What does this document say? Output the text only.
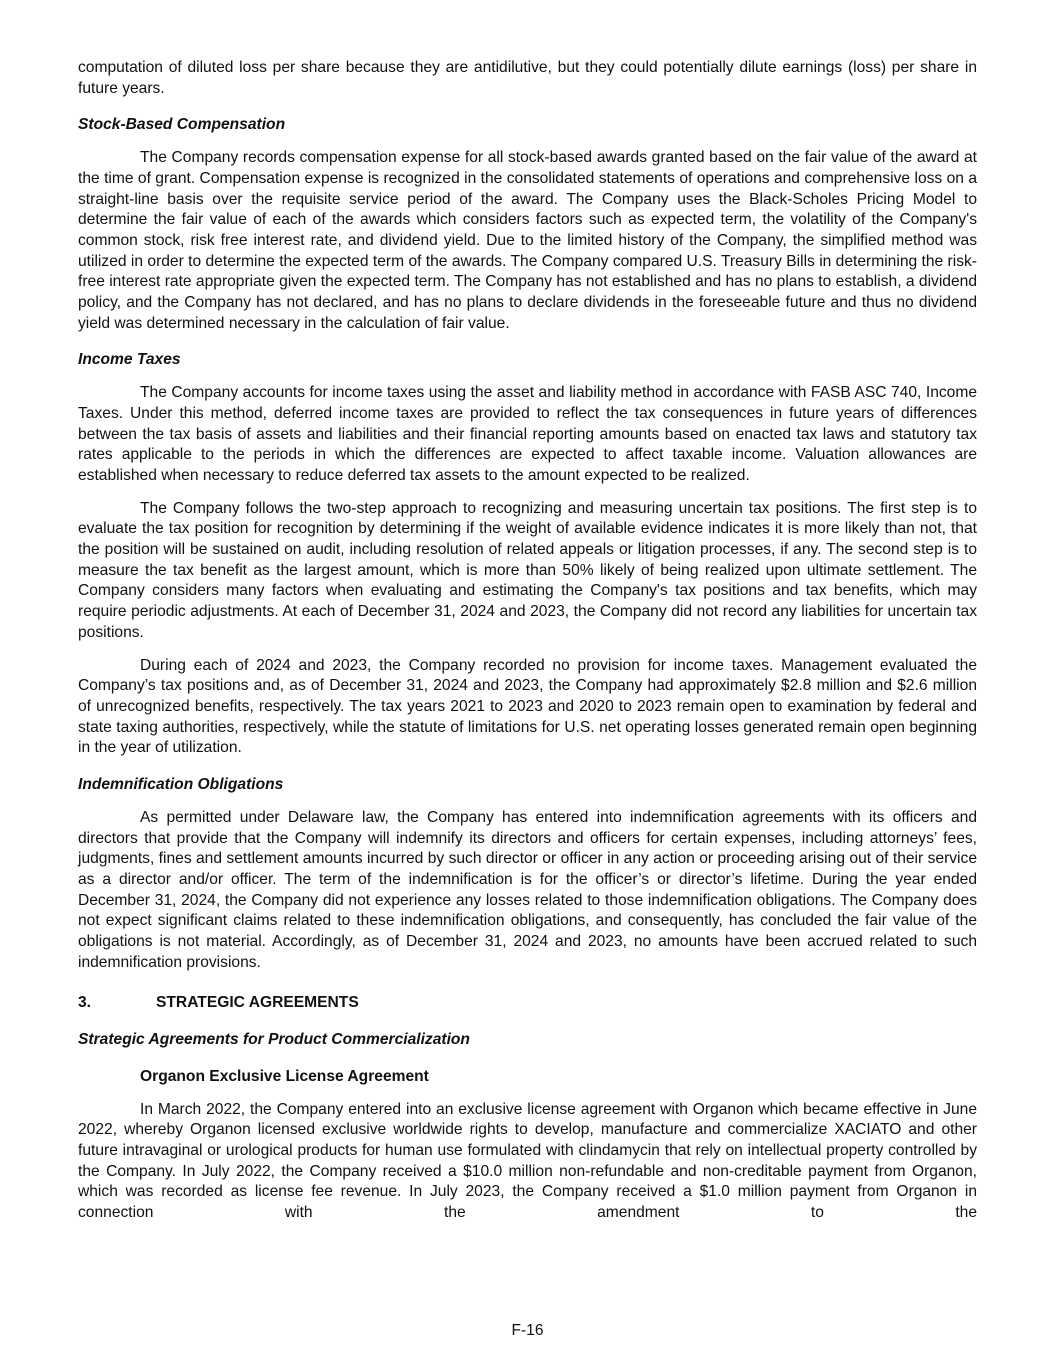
computation of diluted loss per share because they are antidilutive, but they could potentially dilute earnings (loss) per share in future years.

Stock-Based Compensation

The Company records compensation expense for all stock-based awards granted based on the fair value of the award at the time of grant. Compensation expense is recognized in the consolidated statements of operations and comprehensive loss on a straight-line basis over the requisite service period of the award. The Company uses the Black-Scholes Pricing Model to determine the fair value of each of the awards which considers factors such as expected term, the volatility of the Company's common stock, risk free interest rate, and dividend yield. Due to the limited history of the Company, the simplified method was utilized in order to determine the expected term of the awards. The Company compared U.S. Treasury Bills in determining the risk-free interest rate appropriate given the expected term. The Company has not established and has no plans to establish, a dividend policy, and the Company has not declared, and has no plans to declare dividends in the foreseeable future and thus no dividend yield was determined necessary in the calculation of fair value.

Income Taxes

The Company accounts for income taxes using the asset and liability method in accordance with FASB ASC 740, Income Taxes. Under this method, deferred income taxes are provided to reflect the tax consequences in future years of differences between the tax basis of assets and liabilities and their financial reporting amounts based on enacted tax laws and statutory tax rates applicable to the periods in which the differences are expected to affect taxable income. Valuation allowances are established when necessary to reduce deferred tax assets to the amount expected to be realized.

The Company follows the two-step approach to recognizing and measuring uncertain tax positions. The first step is to evaluate the tax position for recognition by determining if the weight of available evidence indicates it is more likely than not, that the position will be sustained on audit, including resolution of related appeals or litigation processes, if any. The second step is to measure the tax benefit as the largest amount, which is more than 50% likely of being realized upon ultimate settlement. The Company considers many factors when evaluating and estimating the Company's tax positions and tax benefits, which may require periodic adjustments. At each of December 31, 2024 and 2023, the Company did not record any liabilities for uncertain tax positions.

During each of 2024 and 2023, the Company recorded no provision for income taxes. Management evaluated the Company’s tax positions and, as of December 31, 2024 and 2023, the Company had approximately $2.8 million and $2.6 million of unrecognized benefits, respectively. The tax years 2021 to 2023 and 2020 to 2023 remain open to examination by federal and state taxing authorities, respectively, while the statute of limitations for U.S. net operating losses generated remain open beginning in the year of utilization.

Indemnification Obligations

As permitted under Delaware law, the Company has entered into indemnification agreements with its officers and directors that provide that the Company will indemnify its directors and officers for certain expenses, including attorneys’ fees, judgments, fines and settlement amounts incurred by such director or officer in any action or proceeding arising out of their service as a director and/or officer. The term of the indemnification is for the officer’s or director’s lifetime. During the year ended December 31, 2024, the Company did not experience any losses related to those indemnification obligations. The Company does not expect significant claims related to these indemnification obligations, and consequently, has concluded the fair value of the obligations is not material. Accordingly, as of December 31, 2024 and 2023, no amounts have been accrued related to such indemnification provisions.

3.	STRATEGIC AGREEMENTS
Strategic Agreements for Product Commercialization
Organon Exclusive License Agreement

In March 2022, the Company entered into an exclusive license agreement with Organon which became effective in June 2022, whereby Organon licensed exclusive worldwide rights to develop, manufacture and commercialize XACIATO and other future intravaginal or urological products for human use formulated with clindamycin that rely on intellectual property controlled by the Company. In July 2022, the Company received a $10.0 million non-refundable and non-creditable payment from Organon, which was recorded as license fee revenue. In July 2023, the Company received a $1.0 million payment from Organon in connection with the amendment to the

F-16
